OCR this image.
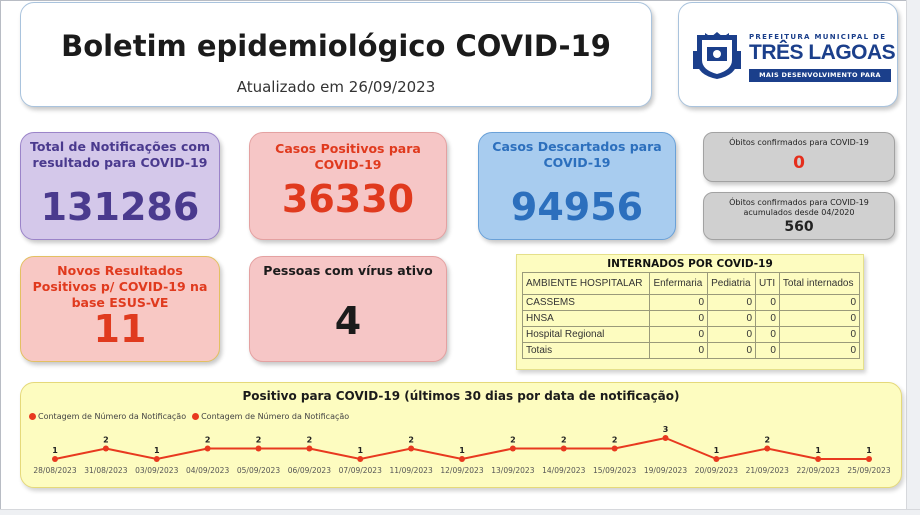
Boletim epidemiológico COVID-19
Atualizado em 26/09/2023
PREFEITURA MUNICIPAL DE
TRÊS LAGOAS
MAIS DESENVOLVIMENTO PARA TODOS
Total de Notificações com resultado para COVID-19
131286
Casos Positivos para COVID-19
36330
Casos Descartados para COVID-19
94956
Óbitos confirmados para COVID-19
0
Óbitos confirmados para COVID-19 acumulados desde 04/2020
560
Novos Resultados Positivos p/ COVID-19 na base ESUS-VE
11
Pessoas com vírus ativo
4
INTERNADOS POR COVID-19
AMBIENTE HOSPITALAR	Enfermaria	Pediatria	UTI	Total internados
CASSEMS	0	0	0	0
HNSA	0	0	0	0
Hospital Regional	0	0	0	0
Totais	0	0	0	0
Positivo para COVID-19 (últimos 30 dias por data de notificação)
Contagem de Número da Notificação	Contagem de Número da Notificação
1
28/08/2023
2
31/08/2023
1
03/09/2023
2
04/09/2023
2
05/09/2023
2
06/09/2023
1
07/09/2023
2
11/09/2023
1
12/09/2023
2
13/09/2023
2
14/09/2023
2
15/09/2023
3
19/09/2023
1
20/09/2023
2
21/09/2023
1
22/09/2023
1
25/09/2023
